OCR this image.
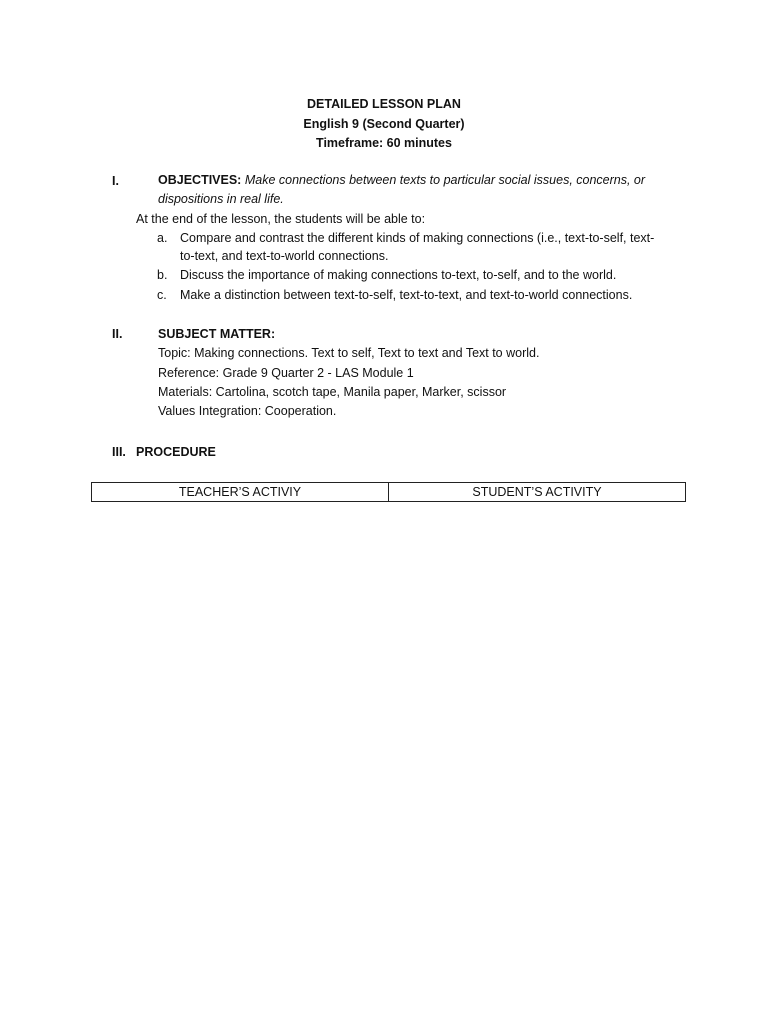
DETAILED LESSON PLAN
English 9 (Second Quarter)
Timeframe: 60 minutes
I.	OBJECTIVES: Make connections between texts to particular social issues, concerns, or
dispositions in real life.
At the end of the lesson, the students will be able to:
a. Compare and contrast the different kinds of making connections (i.e., text-to-self, text-
to-text, and text-to-world connections.
b. Discuss the importance of making connections to-text, to-self, and to the world.
c. Make a distinction between text-to-self, text-to-text, and text-to-world connections.
II.	SUBJECT MATTER:
Topic: Making connections. Text to self, Text to text and Text to world.
Reference: Grade 9 Quarter 2 - LAS Module 1
Materials: Cartolina, scotch tape, Manila paper, Marker, scissor
Values Integration: Cooperation.
III. PROCEDURE
TEACHER’S ACTIVIY	STUDENT’S ACTIVITY
